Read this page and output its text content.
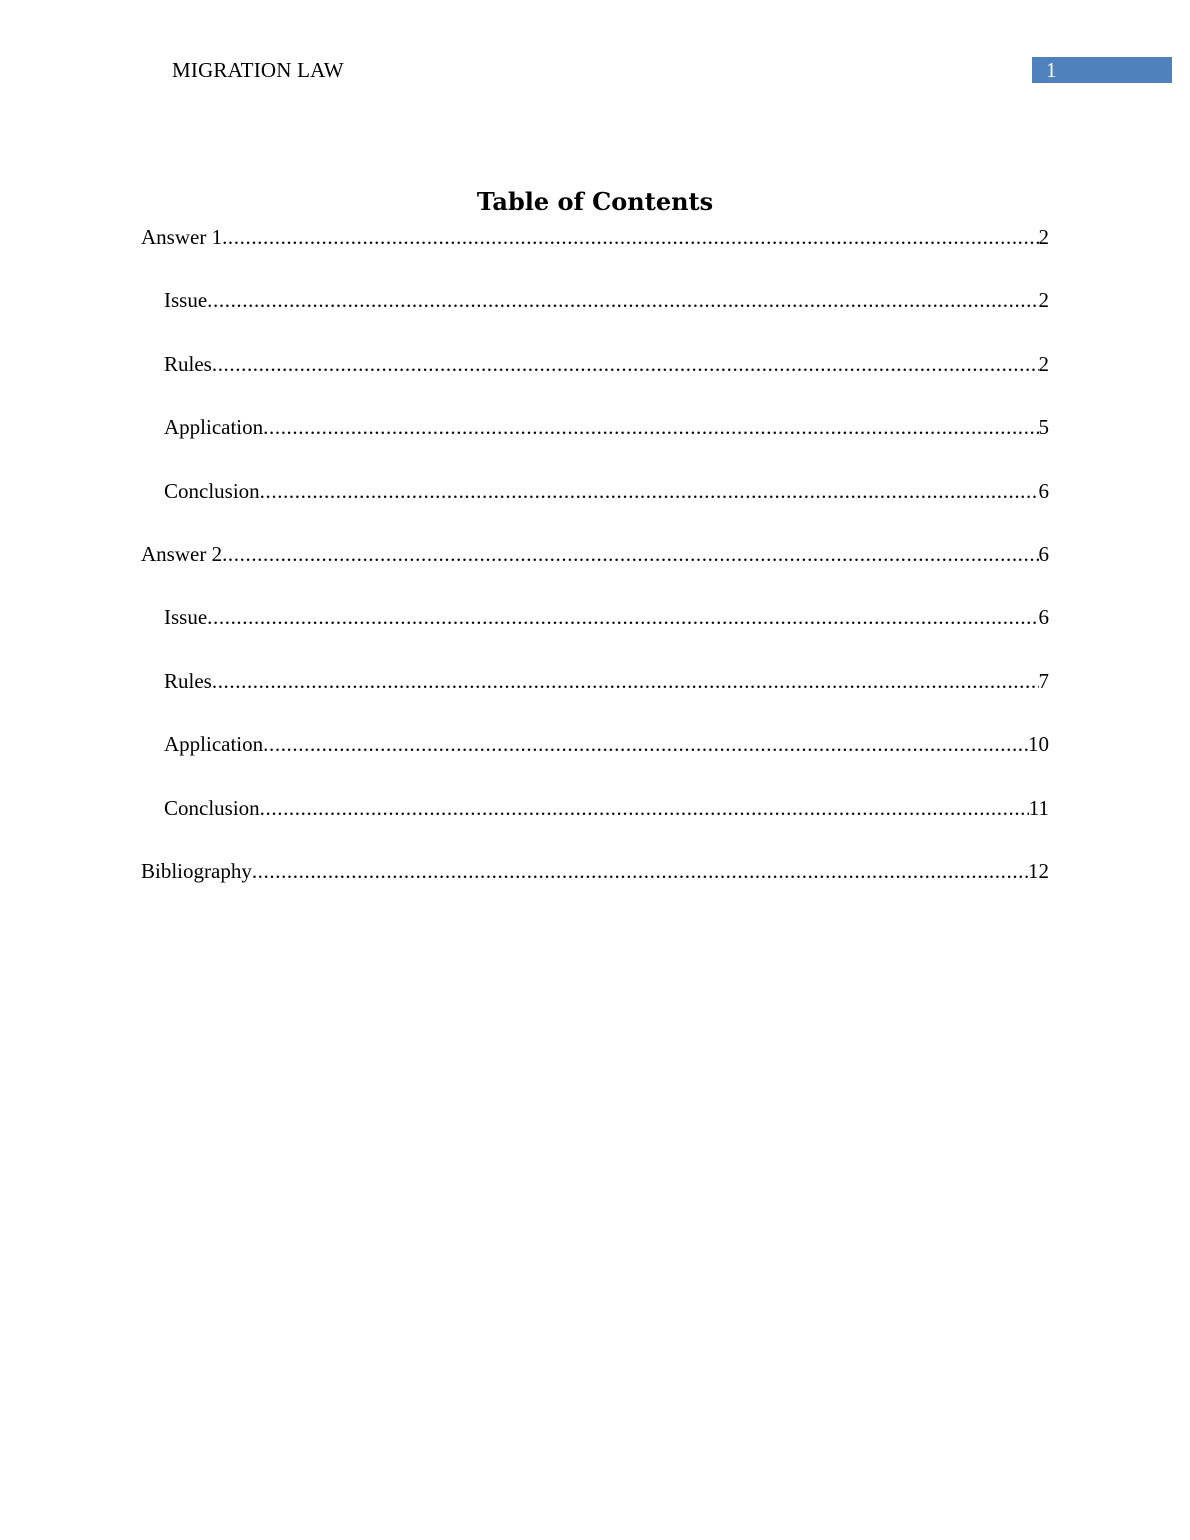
MIGRATION LAW	1
Table of Contents
Answer 1 .....	2
Issue .....	2
Rules .....	2
Application .....	5
Conclusion .....	6
Answer 2 .....	6
Issue .....	6
Rules .....	7
Application .....	10
Conclusion .....	11
Bibliography .....	12
